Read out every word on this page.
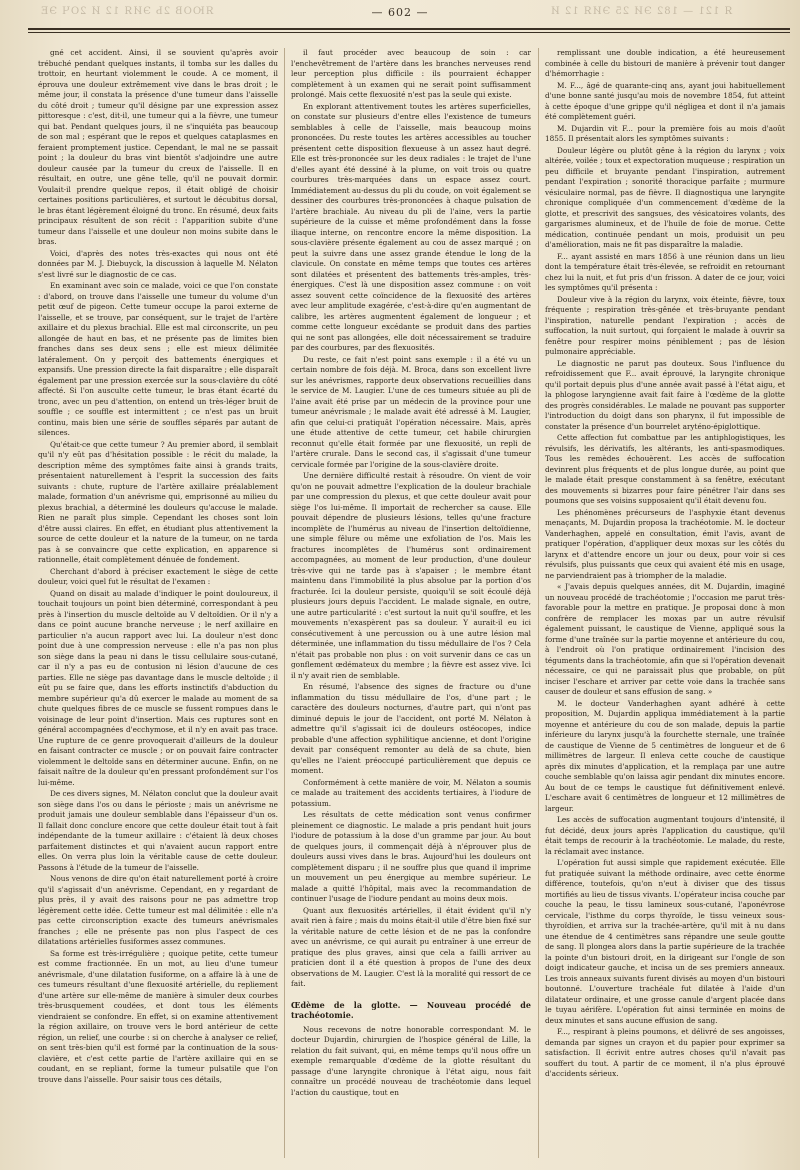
ЯЮОВ 2Ь ЭИЯ 12 И 2ОЧ ЭЕ	— 602 —	Я 121 — 182 ЭИ 25 ЭИЯ 12 И

gné cet accident. Ainsi, il se souvient qu'après avoir trébuché pendant quelques instants, il tomba sur les dalles du trottoir, en heurtant violemment le coude. A ce moment, il éprouva une douleur extrêmement vive dans le bras droit ; le même jour, il constata la présence d'une tumeur dans l'aisselle du côté droit ; tumeur qu'il désigne par une expression assez pittoresque : c'est, dit-il, une tumeur qui a la fièvre, une tumeur qui bat. Pendant quelques jours, il ne s'inquiéta pas beaucoup de son mal ; espérant que le repos et quelques cataplasmes en feraient promptement justice. Cependant, le mal ne se passait point ; la douleur du bras vint bientôt s'adjoindre une autre douleur causée par la tumeur du creux de l'aisselle. Il en résultait, en outre, une gêne telle, qu'il ne pouvait dormir. Voulait-il prendre quelque repos, il était obligé de choisir certaines positions particulières, et surtout le décubitus dorsal, le bras étant légèrement éloigné du tronc. En résumé, deux faits principaux résultent de son récit : l'apparition subite d'une tumeur dans l'aisselle et une douleur non moins subite dans le bras.

Voici, d'après des notes très-exactes qui nous ont été données par M. J. Diebuyck, la discussion à laquelle M. Nélaton s'est livré sur le diagnostic de ce cas.

En examinant avec soin ce malade, voici ce que l'on constate : d'abord, on trouve dans l'aisselle une tumeur du volume d'un petit œuf de pigeon. Cette tumeur occupe la paroi externe de l'aisselle, et se trouve, par conséquent, sur le trajet de l'artère axillaire et du plexus brachial. Elle est mal circonscrite, un peu allongée de haut en bas, et ne présente pas de limites bien franches dans ses deux sens ; elle est mieux délimitée latéralement. On y perçoit des battements énergiques et expansifs. Une pression directe la fait disparaître ; elle disparaît également par une pression exercée sur la sous-clavière du côté affecté. Si l'on ausculte cette tumeur, le bras étant écarté du tronc, avec un peu d'attention, on entend un très-léger bruit de souffle ; ce souffle est intermittent ; ce n'est pas un bruit continu, mais bien une série de souffles séparés par autant de silences.

Qu'était-ce que cette tumeur ? Au premier abord, il semblait qu'il n'y eût pas d'hésitation possible : le récit du malade, la description même des symptômes faite ainsi à grands traits, présentaient naturellement à l'esprit la succession des faits suivants : chute, rupture de l'artère axillaire préalablement malade, formation d'un anévrisme qui, emprisonné au milieu du plexus brachial, a déterminé les douleurs qu'accuse le malade. Rien ne paraît plus simple. Cependant les choses sont loin d'être aussi claires. En effet, en étudiant plus attentivement la source de cette douleur et la nature de la tumeur, on ne tarda pas à se convaincre que cette explication, en apparence si rationnelle, était complètement dénuée de fondement.

Cherchant d'abord à préciser exactement le siège de cette douleur, voici quel fut le résultat de l'examen :

Quand on disait au malade d'indiquer le point douloureux, il touchait toujours un point bien déterminé, correspondant à peu près à l'insertion du muscle deltoïde au V deltoïdien. Or il n'y a dans ce point aucune branche nerveuse ; le nerf axillaire en particulier n'a aucun rapport avec lui. La douleur n'est donc point due à une compression nerveuse : elle n'a pas non plus son siège dans la peau ni dans le tissu cellulaire sous-cutané, car il n'y a pas eu de contusion ni lésion d'aucune de ces parties. Elle ne siège pas davantage dans le muscle deltoïde ; il eût pu se faire que, dans les efforts instinctifs d'abduction du membre supérieur qu'a dû exercer le malade au moment de sa chute quelques fibres de ce muscle se fussent rompues dans le voisinage de leur point d'insertion. Mais ces ruptures sont en général accompagnées d'ecchymose, et il n'y en avait pas trace. Une rupture de ce genre provoquerait d'ailleurs de la douleur en faisant contracter ce muscle ; or on pouvait faire contracter violemment le deltoïde sans en déterminer aucune. Enfin, on ne faisait naître de la douleur qu'en pressant profondément sur l'os lui-même.

De ces divers signes, M. Nélaton conclut que la douleur avait son siège dans l'os ou dans le périoste ; mais un anévrisme ne produit jamais une douleur semblable dans l'épaisseur d'un os. Il fallait donc conclure encore que cette douleur était tout à fait indépendante de la tumeur axillaire : c'étaient là deux choses parfaitement distinctes et qui n'avaient aucun rapport entre elles. On verra plus loin la véritable cause de cette douleur. Passons à l'étude de la tumeur de l'aisselle.

Nous venons de dire qu'on était naturellement porté à croire qu'il s'agissait d'un anévrisme. Cependant, en y regardant de plus près, il y avait des raisons pour ne pas admettre trop légèrement cette idée. Cette tumeur est mal délimitée : elle n'a pas cette circonscription exacte des tumeurs anévrismales franches ; elle ne présente pas non plus l'aspect de ces dilatations artérielles fusiformes assez communes.

Sa forme est très-irrégulière ; quoique petite, cette tumeur est comme fractionnée. En un mot, au lieu d'une tumeur anévrismale, d'une dilatation fusiforme, on a affaire là à une de ces tumeurs résultant d'une flexuosité artérielle, du repliement d'une artère sur elle-même de manière à simuler deux courbes très-brusquement coudées, et dont tous les éléments viendraient se confondre. En effet, si on examine attentivement la région axillaire, on trouve vers le bord antérieur de cette région, un relief, une courbe : si on cherche à analyser ce relief, on sent très-bien qu'il est formé par la continuation de la sous-clavière, et c'est cette partie de l'artère axillaire qui en se coudant, en se repliant, forme la tumeur pulsatile que l'on trouve dans l'aisselle. Pour saisir tous ces détails,

il faut procéder avec beaucoup de soin : car l'enchevêtrement de l'artère dans les branches nerveuses rend leur perception plus difficile : ils pourraient échapper complètement à un examen qui ne serait point suffisamment prolongé. Mais cette flexuosité n'est pas la seule qui existe.

En explorant attentivement toutes les artères superficielles, on constate sur plusieurs d'entre elles l'existence de tumeurs semblables à celle de l'aisselle, mais beaucoup moins prononcées. Du reste toutes les artères accessibles au toucher présentent cette disposition flexueuse à un assez haut degré. Elle est très-prononcée sur les deux radiales : le trajet de l'une d'elles ayant été dessiné à la plume, on voit trois ou quatre courbures très-marquées dans un espace assez court. Immédiatement au-dessus du pli du coude, on voit également se dessiner des courbures très-prononcées à chaque pulsation de l'artère brachiale. Au niveau du pli de l'aine, vers la partie supérieure de la cuisse et même profondément dans la fosse iliaque interne, on rencontre encore la même disposition. La sous-clavière présente également au cou de assez marqué ; on peut la suivre dans une assez grande étendue le long de la clavicule. On constate en même temps que toutes ces artères sont dilatées et présentent des battements très-amples, très-énergiques. C'est là une disposition assez commune : on voit assez souvent cette coïncidence de la flexuosité des artères avec leur amplitude exagérée, c'est-à-dire qu'en augmentant de calibre, les artères augmentent également de longueur ; et comme cette longueur excédante se produit dans des parties qui ne sont pas allongées, elle doit nécessairement se traduire par des courbures, par des flexuosités.

Du reste, ce fait n'est point sans exemple : il a été vu un certain nombre de fois déjà. M. Broca, dans son excellent livre sur les anévrismes, rapporte deux observations recueillies dans le service de M. Laugier. L'une de ces tumeurs située au pli de l'aine avait été prise par un médecin de la province pour une tumeur anévrismale ; le malade avait été adressé à M. Laugier, afin que celui-ci pratiquât l'opération nécessaire. Mais, après une étude attentive de cette tumeur, cet habile chirurgien reconnut qu'elle était formée par une flexuosité, un repli de l'artère crurale. Dans le second cas, il s'agissait d'une tumeur cervicale formée par l'origine de la sous-clavière droite.

Une dernière difficulté restait à résoudre. On vient de voir qu'on ne pouvait admettre l'explication de la douleur brachiale par une compression du plexus, et que cette douleur avait pour siège l'os lui-même. Il importait de rechercher sa cause. Elle pouvait dépendre de plusieurs lésions, telles qu'une fracture incomplète de l'humérus au niveau de l'insertion deltoïdienne, une simple fêlure ou même une exfoliation de l'os. Mais les fractures incomplètes de l'humérus sont ordinairement accompagnées, au moment de leur production, d'une douleur très-vive qui ne tarde pas à s'apaiser ; le membre étant maintenu dans l'immobilité la plus absolue par la portion d'os fracturée. Ici la douleur persiste, quoiqu'il se soit écoulé déjà plusieurs jours depuis l'accident. Le malade signale, en outre, une autre particularité : c'est surtout la nuit qu'il souffre, et les mouvements n'exaspèrent pas sa douleur. Y aurait-il eu ici consécutivement à une percussion ou à une autre lésion mal déterminée, une inflammation du tissu médullaire de l'os ? Cela n'était pas probable non plus : on voit survenir dans ce cas un gonflement œdémateux du membre ; la fièvre est assez vive. Ici il n'y avait rien de semblable.

En résumé, l'absence des signes de fracture ou d'une inflammation du tissu médullaire de l'os, d'une part ; le caractère des douleurs nocturnes, d'autre part, qui n'ont pas diminué depuis le jour de l'accident, ont porté M. Nélaton à admettre qu'il s'agissait ici de douleurs ostéocopes, indice probable d'une affection syphilitique ancienne, et dont l'origine devait par conséquent remonter au delà de sa chute, bien qu'elles ne l'aient préoccupé particulièrement que depuis ce moment.

Conformément à cette manière de voir, M. Nélaton a soumis ce malade au traitement des accidents tertiaires, à l'iodure de potassium.

Les résultats de cette médication sont venus confirmer pleinement ce diagnostic. Le malade a pris pendant huit jours l'iodure de potassium à la dose d'un gramme par jour. Au bout de quelques jours, il commençait déjà à n'éprouver plus de douleurs aussi vives dans le bras. Aujourd'hui les douleurs ont complètement disparu ; il ne souffre plus que quand il imprime un mouvement un peu énergique au membre supérieur. Le malade a quitté l'hôpital, mais avec la recommandation de continuer l'usage de l'iodure pendant au moins deux mois.

Quant aux flexuosités artérielles, il était évident qu'il n'y avait rien à faire ; mais du moins était-il utile d'être bien fixé sur la véritable nature de cette lésion et de ne pas la confondre avec un anévrisme, ce qui aurait pu entraîner à une erreur de pratique des plus graves, ainsi que cela a failli arriver au praticien dont il a été question à propos de l'une des deux observations de M. Laugier. C'est là la moralité qui ressort de ce fait.

Œdème de la glotte. — Nouveau procédé de trachéotomie.

Nous recevons de notre honorable correspondant M. le docteur Dujardin, chirurgien de l'hospice général de Lille, la relation du fait suivant, qui, en même temps qu'il nous offre un exemple remarquable d'œdème de la glotte résultant du passage d'une laryngite chronique à l'état aigu, nous fait connaître un procédé nouveau de trachéotomie dans lequel l'action du caustique, tout en

remplissant une double indication, a été heureusement combinée à celle du bistouri de manière à prévenir tout danger d'hémorrhagie :

M. F..., âgé de quarante-cinq ans, ayant joui habituellement d'une bonne santé jusqu'au mois de novembre 1854, fut atteint à cette époque d'une grippe qu'il négligea et dont il n'a jamais été complètement guéri.

M. Dujardin vit F... pour la première fois au mois d'août 1855. Il présentait alors les symptômes suivants :

Douleur légère ou plutôt gêne à la région du larynx ; voix altérée, voilée ; toux et expectoration muqueuse ; respiration un peu difficile et bruyante pendant l'inspiration, autrement pendant l'expiration ; sonorité thoracique parfaite ; murmure vésiculaire normal, pas de fièvre. Il diagnostiqua une laryngite chronique compliquée d'un commencement d'œdème de la glotte, et prescrivit des sangsues, des vésicatoires volants, des gargarismes alumineux, et de l'huile de foie de morue. Cette médication, continuée pendant un mois, produisit un peu d'amélioration, mais ne fit pas disparaître la maladie.

F... ayant assisté en mars 1856 à une réunion dans un lieu dont la température était très-élevée, se refroidit en retournant chez lui la nuit, et fut pris d'un frisson. A dater de ce jour, voici les symptômes qu'il présenta :

Douleur vive à la région du larynx, voix éteinte, fièvre, toux fréquente ; respiration très-gênée et très-bruyante pendant l'inspiration, naturelle pendant l'expiration ; accès de suffocation, la nuit surtout, qui forçaient le malade à ouvrir sa fenêtre pour respirer moins péniblement ; pas de lésion pulmonaire appréciable.

Le diagnostic ne parut pas douteux. Sous l'influence du refroidissement que F... avait éprouvé, la laryngite chronique qu'il portait depuis plus d'une année avait passé à l'état aigu, et la phlogose laryngienne avait fait faire à l'œdème de la glotte des progrès considérables. Le malade ne pouvant pas supporter l'introduction du doigt dans son pharynx, il fut impossible de constater la présence d'un bourrelet aryténo-épiglottique.

Cette affection fut combattue par les antiphlogistiques, les révulsifs, les dérivatifs, les altérants, les anti-spasmodiques. Tous les remèdes échouèrent. Les accès de suffocation devinrent plus fréquents et de plus longue durée, au point que le malade était presque constamment à sa fenêtre, exécutant des mouvements si bizarres pour faire pénétrer l'air dans ses poumons que ses voisins supposaient qu'il était devenu fou.

Les phénomènes précurseurs de l'asphyxie étant devenus menaçants, M. Dujardin proposa la trachéotomie. M. le docteur Vanderhaghen, appelé en consultation, émit l'avis, avant de pratiquer l'opération, d'appliquer deux moxas sur les côtés du larynx et d'attendre encore un jour ou deux, pour voir si ces révulsifs, plus puissants que ceux qui avaient été mis en usage, ne parviendraient pas à triompher de la maladie.

« J'avais depuis quelques années, dit M. Dujardin, imaginé un nouveau procédé de trachéotomie ; l'occasion me parut très-favorable pour la mettre en pratique. Je proposai donc à mon confrère de remplacer les moxas par un autre révulsif également puissant, le caustique de Vienne, appliqué sous la forme d'une traînée sur la partie moyenne et antérieure du cou, à l'endroit où l'on pratique ordinairement l'incision des téguments dans la trachéotomie, afin que si l'opération devenait nécessaire, ce qui ne paraissait plus que probable, on pût inciser l'eschare et arriver par cette voie dans la trachée sans causer de douleur et sans effusion de sang. »

M. le docteur Vanderhaghen ayant adhéré à cette proposition, M. Dujardin appliqua immédiatement à la partie moyenne et antérieure du cou de son malade, depuis la partie inférieure du larynx jusqu'à la fourchette sternale, une traînée de caustique de Vienne de 5 centimètres de longueur et de 6 millimètres de largeur. Il enleva cette couche de caustique après dix minutes d'application, et la remplaça par une autre couche semblable qu'on laissa agir pendant dix minutes encore. Au bout de ce temps le caustique fut définitivement enlevé. L'eschare avait 6 centimètres de longueur et 12 millimètres de largeur.

Les accès de suffocation augmentant toujours d'intensité, il fut décidé, deux jours après l'application du caustique, qu'il était temps de recourir à la trachéotomie. Le malade, du reste, la réclamait avec instance.

L'opération fut aussi simple que rapidement exécutée. Elle fut pratiquée suivant la méthode ordinaire, avec cette énorme différence, toutefois, qu'on n'eut à diviser que des tissus mortifiés au lieu de tissus vivants. L'opérateur incisa couche par couche la peau, le tissu lamineux sous-cutané, l'aponévrose cervicale, l'isthme du corps thyroïde, le tissu veineux sous-thyroïdien, et arriva sur la trachée-artère, qu'il mit à nu dans une étendue de 4 centimètres sans répandre une seule goutte de sang. Il plongea alors dans la partie supérieure de la trachée la pointe d'un bistouri droit, en la dirigeant sur l'ongle de son doigt indicateur gauche, et incisa un de ses premiers anneaux. Les trois anneaux suivants furent divisés au moyen d'un bistouri boutonné. L'ouverture trachéale fut dilatée à l'aide d'un dilatateur ordinaire, et une grosse canule d'argent placée dans le tuyau aérifère. L'opération fut ainsi terminée en moins de deux minutes et sans aucune effusion de sang.

F..., respirant à pleins poumons, et délivré de ses angoisses, demanda par signes un crayon et du papier pour exprimer sa satisfaction. Il écrivit entre autres choses qu'il n'avait pas souffert du tout. A partir de ce moment, il n'a plus éprouvé d'accidents sérieux.
